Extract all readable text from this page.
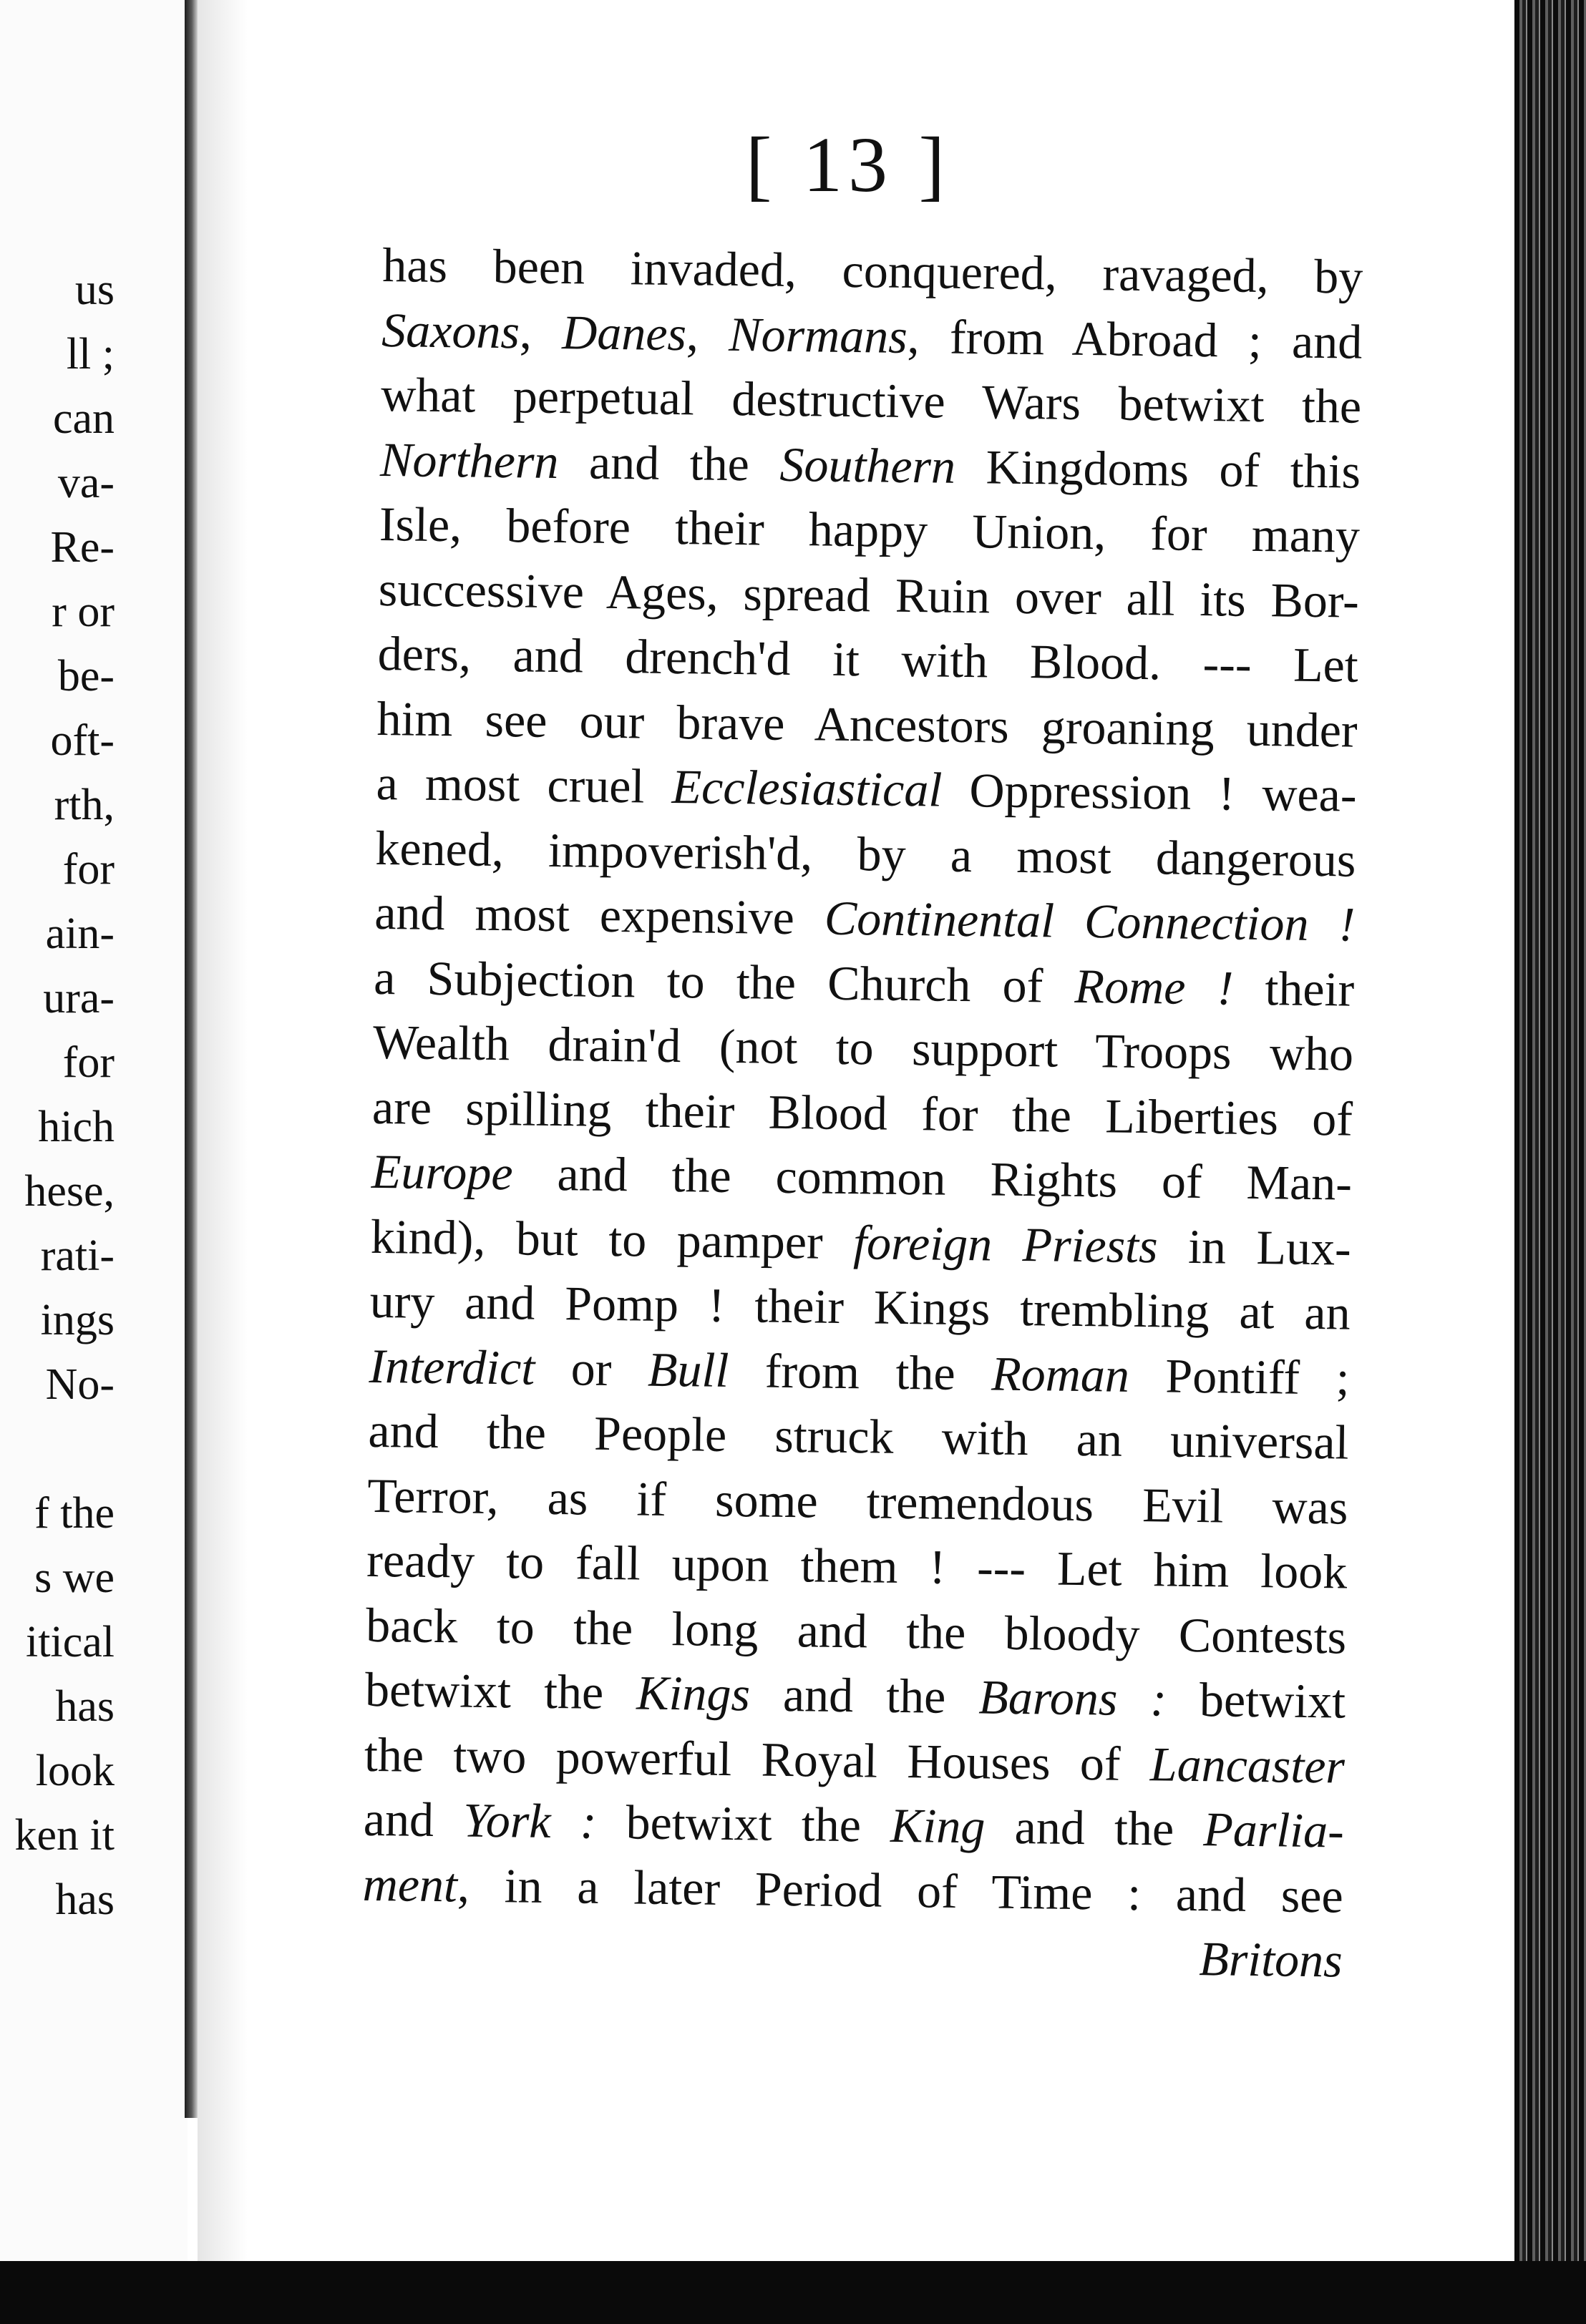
[ 13 ]
us
ll ;
can
va-
Re-
r or
be-
oft-
rth,
for
ain-
ura-
for
hich
hese,
rati-
ings
No-
f the
s we
itical
has
look
ken it
has
has been invaded, conquered, ravaged, by
Saxons, Danes, Normans, from Abroad ; and
what perpetual destructive Wars betwixt the
Northern and the Southern Kingdoms of this
Isle, before their happy Union, for many
successive Ages, spread Ruin over all its Bor-
ders, and drench'd it with Blood. --- Let
him see our brave Ancestors groaning under
a most cruel Ecclesiastical Oppression ! wea-
kened, impoverish'd, by a most dangerous
and most expensive Continental Connection !
a Subjection to the Church of Rome ! their
Wealth drain'd (not to support Troops who
are spilling their Blood for the Liberties of
Europe and the common Rights of Man-
kind), but to pamper foreign Priests in Lux-
ury and Pomp ! their Kings trembling at an
Interdict or Bull from the Roman Pontiff ;
and the People struck with an universal
Terror, as if some tremendous Evil was
ready to fall upon them ! --- Let him look
back to the long and the bloody Contests
betwixt the Kings and the Barons : betwixt
the two powerful Royal Houses of Lancaster
and York : betwixt the King and the Parlia-
ment, in a later Period of Time : and see
Britons
